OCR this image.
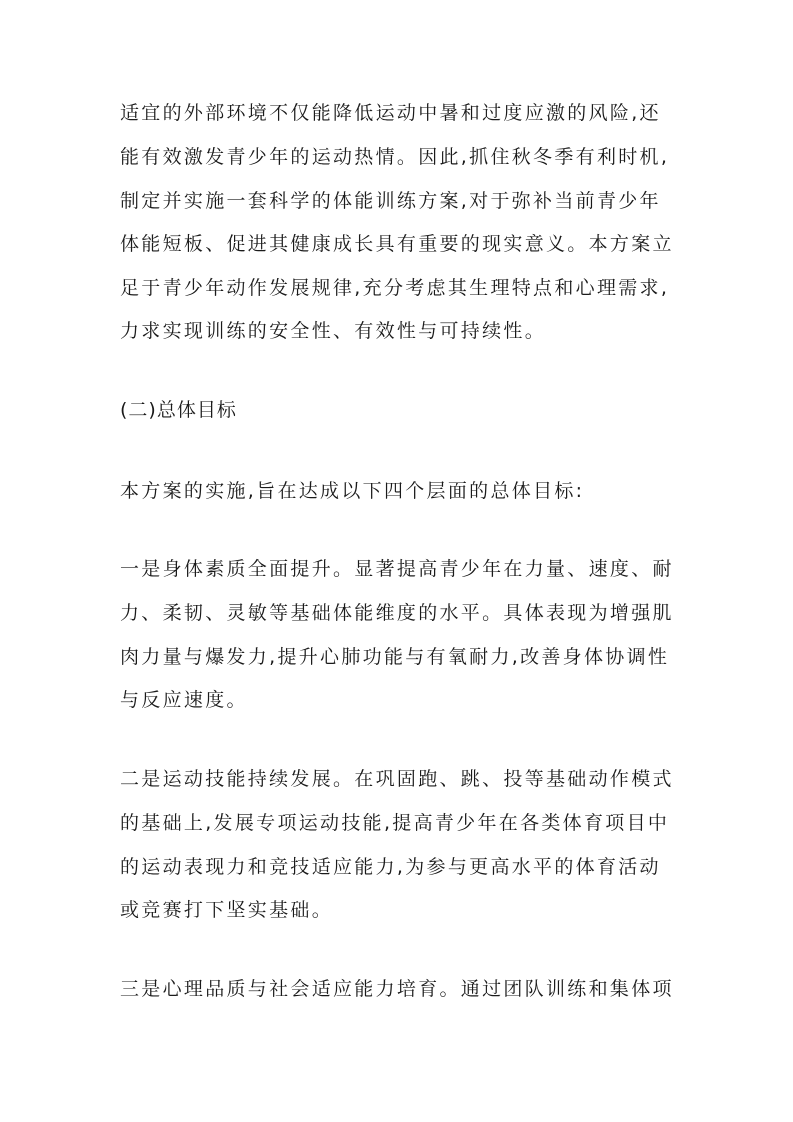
适宜的外部环境不仅能降低运动中暑和过度应激的风险,还
能有效激发青少年的运动热情。因此,抓住秋冬季有利时机,
制定并实施一套科学的体能训练方案,对于弥补当前青少年
体能短板、促进其健康成长具有重要的现实意义。本方案立
足于青少年动作发展规律,充分考虑其生理特点和心理需求,
力求实现训练的安全性、有效性与可持续性。
(二)总体目标
本方案的实施,旨在达成以下四个层面的总体目标:
一是身体素质全面提升。显著提高青少年在力量、速度、耐
力、柔韧、灵敏等基础体能维度的水平。具体表现为增强肌
肉力量与爆发力,提升心肺功能与有氧耐力,改善身体协调性
与反应速度。
二是运动技能持续发展。在巩固跑、跳、投等基础动作模式
的基础上,发展专项运动技能,提高青少年在各类体育项目中
的运动表现力和竞技适应能力,为参与更高水平的体育活动
或竞赛打下坚实基础。
三是心理品质与社会适应能力培育。通过团队训练和集体项
